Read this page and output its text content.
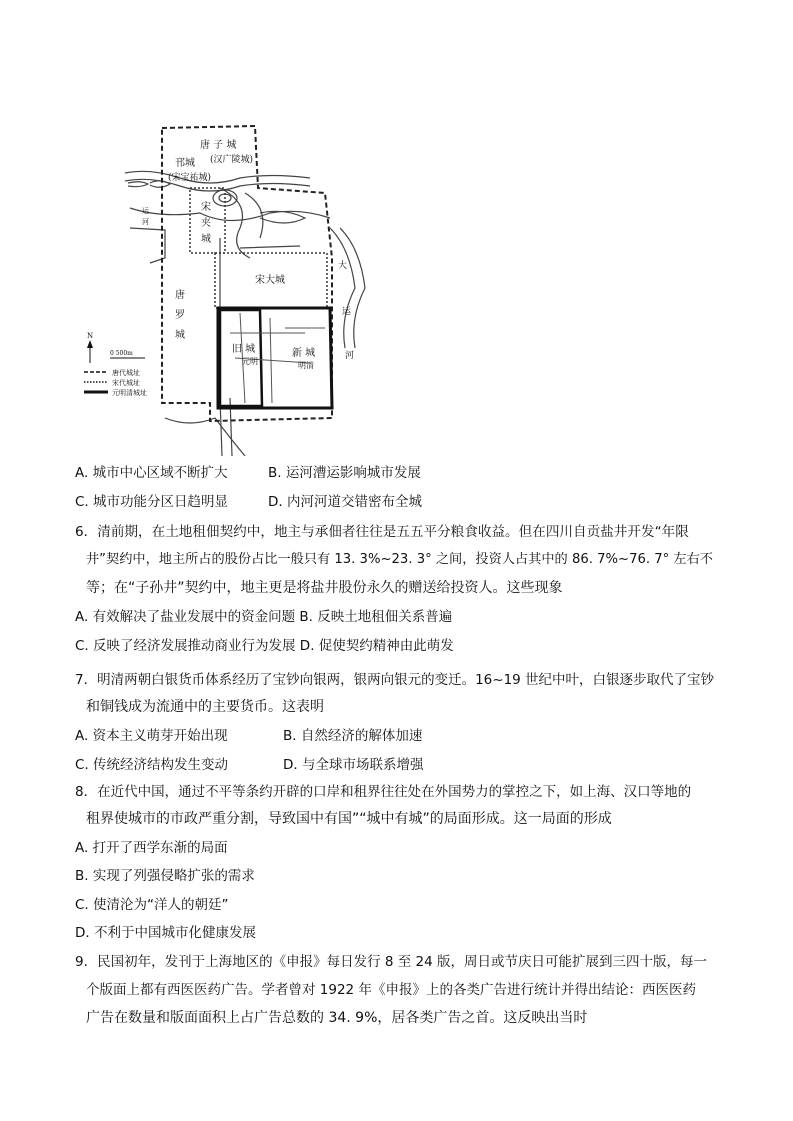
唐 子 城
(汉广陵城)
邗城
(宋宝祐城)
宋
夹
城
宋大城
唐
罗
城
旧 城
元明
新 城
明清
运
河
大
运
河
N
0 500m
唐代城址
宋代城址
元明清城址
A. 城市中心区域不断扩大	B. 运河漕运影响城市发展
C. 城市功能分区日趋明显	D. 内河河道交错密布全城
6．清前期，在土地租佃契约中，地主与承佃者往往是五五平分粮食收益。但在四川自贡盐井开发“年限
井”契约中，地主所占的股份占比一般只有 13. 3%~23. 3° 之间，投资人占其中的 86. 7%~76. 7° 左右不
等；在“子孙井”契约中，地主更是将盐井股份永久的赠送给投资人。这些现象
A. 有效解决了盐业发展中的资金问题 B. 反映土地租佃关系普遍
C. 反映了经济发展推动商业行为发展 D. 促使契约精神由此萌发
7．明清两朝白银货币体系经历了宝钞向银两，银两向银元的变迁。16~19 世纪中叶，白银逐步取代了宝钞
和铜钱成为流通中的主要货币。这表明
A. 资本主义萌芽开始出现	B. 自然经济的解体加速
C. 传统经济结构发生变动	D. 与全球市场联系增强
8．在近代中国，通过不平等条约开辟的口岸和租界往往处在外国势力的掌控之下，如上海、汉口等地的
租界使城市的市政严重分割，导致国中有国”“城中有城”的局面形成。这一局面的形成
A. 打开了西学东渐的局面
B. 实现了列强侵略扩张的需求
C. 使清沦为“洋人的朝廷”
D. 不利于中国城市化健康发展
9．民国初年，发刊于上海地区的《申报》每日发行 8 至 24 版，周日或节庆日可能扩展到三四十版，每一
个版面上都有西医医药广告。学者曾对 1922 年《申报》上的各类广告进行统计并得出结论：西医医药
广告在数量和版面面积上占广告总数的 34. 9%，居各类广告之首。这反映出当时
